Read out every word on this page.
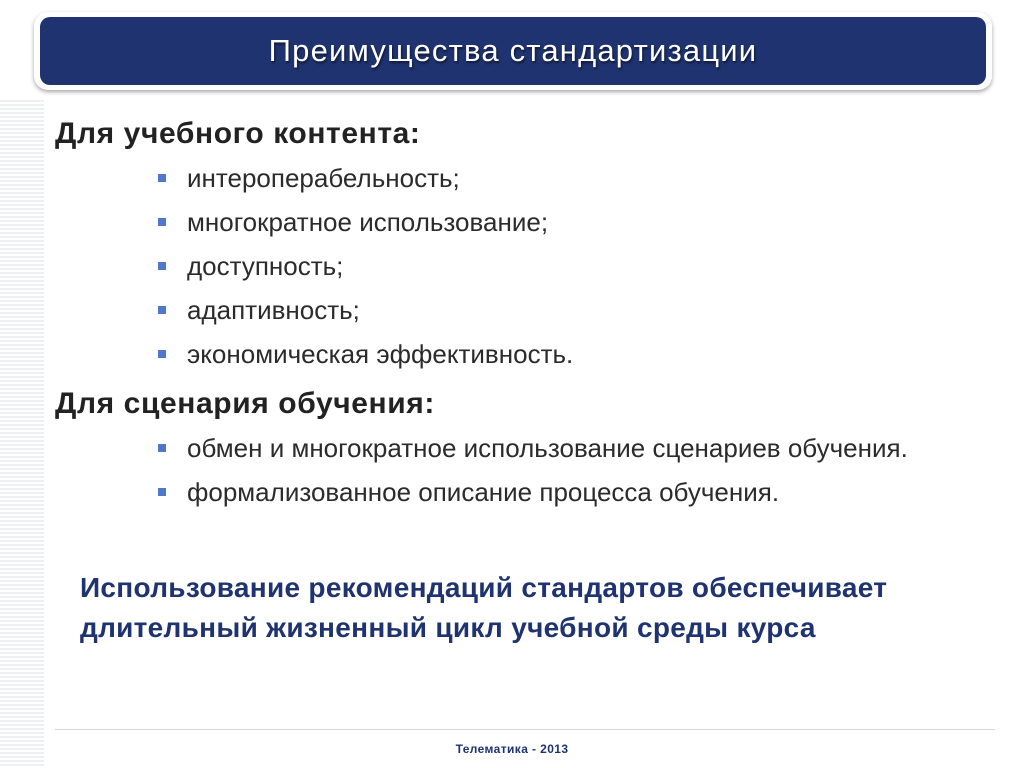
Преимущества стандартизации
Для учебного контента:
интероперабельность;
многократное использование;
доступность;
адаптивность;
экономическая эффективность.
Для сценария обучения:
обмен и многократное использование сценариев обучения.
формализованное описание процесса обучения.
Использование рекомендаций стандартов обеспечивает длительный жизненный цикл учебной среды курса
Телематика - 2013
